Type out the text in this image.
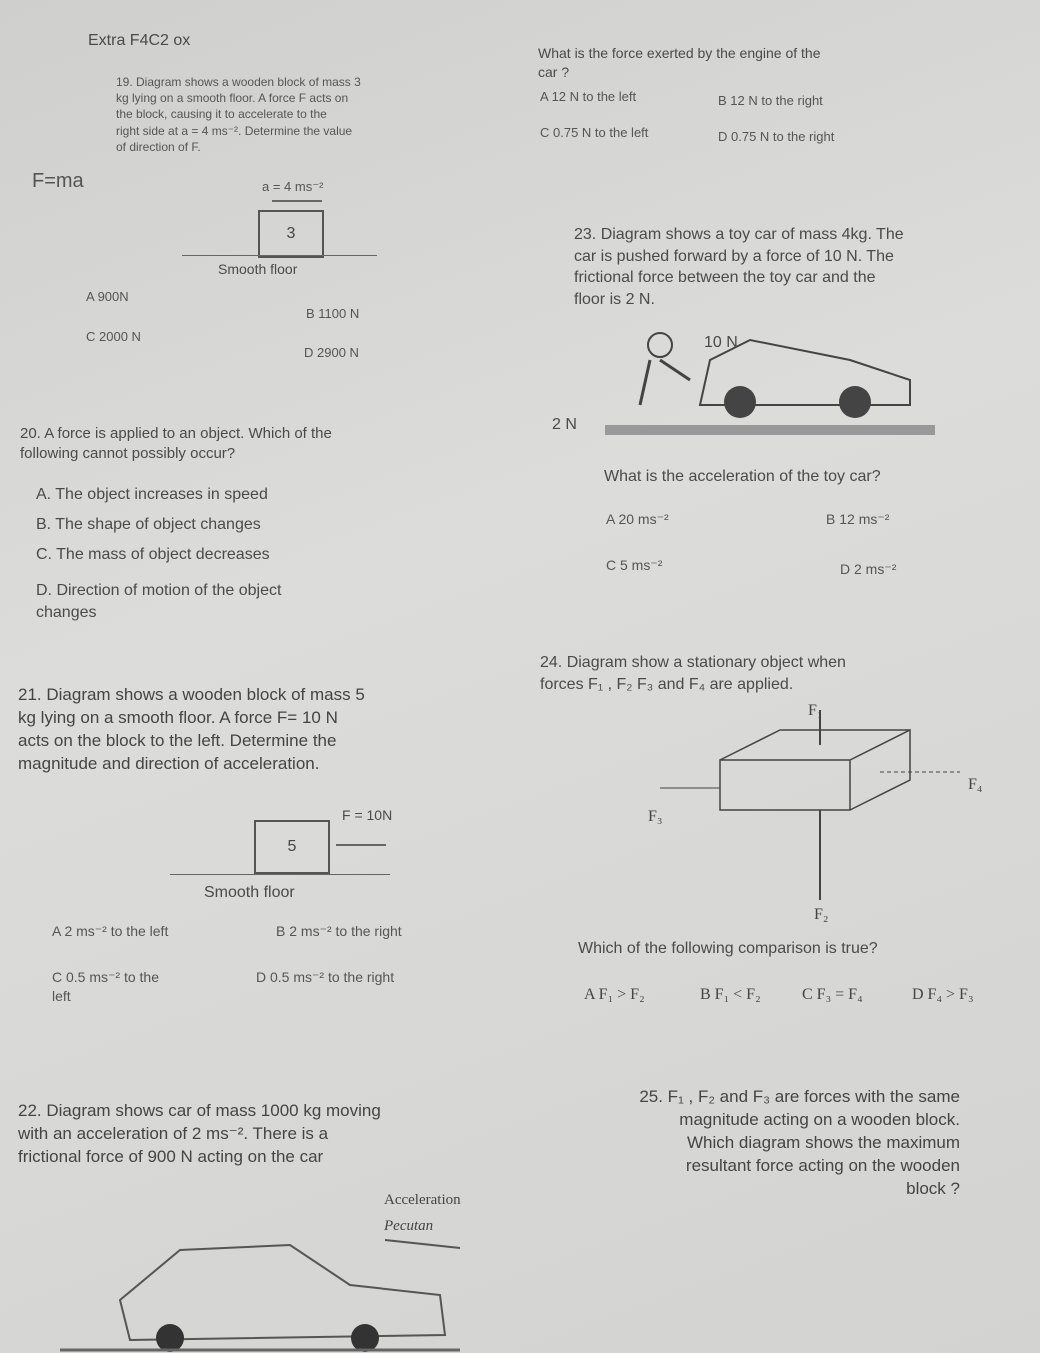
Extra F4C2 ox
19. Diagram shows a wooden block of mass 3
kg lying on a smooth floor. A force F acts on
the block, causing it to accelerate to the
right side at a = 4 ms⁻². Determine the value
of direction of F.
F=ma	a = 4 ms⁻²
3
Smooth floor
A 900N
B 1100 N
C 2000 N
D 2900 N
20. A force is applied to an object. Which of the
following cannot possibly occur?
A. The object increases in speed
B. The shape of object changes
C. The mass of object decreases
D. Direction of motion of the object
changes
21. Diagram shows a wooden block of mass 5
kg lying on a smooth floor. A force F= 10 N
acts on the block to the left. Determine the
magnitude and direction of acceleration.
F = 10N
5
Smooth floor
A 2 ms⁻² to the left	B 2 ms⁻² to the right
C 0.5 ms⁻² to the
left
D 0.5 ms⁻² to the right
22. Diagram shows car of mass 1000 kg moving
with an acceleration of 2 ms⁻². There is a
frictional force of 900 N acting on the car
Acceleration
Pecutan
What is the force exerted by the engine of the
car ?
A 12 N to the left	B 12 N to the right
C 0.75 N to the left	D 0.75 N to the right
23. Diagram shows a toy car of mass 4kg. The
car is pushed forward by a force of 10 N. The
frictional force between the toy car and the
floor is 2 N.
10 N
2 N
What is the acceleration of the toy car?
A 20 ms⁻²	B 12 ms⁻²
C 5 ms⁻²	D 2 ms⁻²
24. Diagram show a stationary object when
forces F₁ , F₂ F₃ and F₄ are applied.
F₁
F₂
F₃
F₄
Which of the following comparison is true?
A F₁ > F₂	B F₁ < F₂	C F₃ = F₄	D F₄ > F₃
25. F₁ , F₂ and F₃ are forces with the same
magnitude acting on a wooden block.
Which diagram shows the maximum
resultant force acting on the wooden
block ?
